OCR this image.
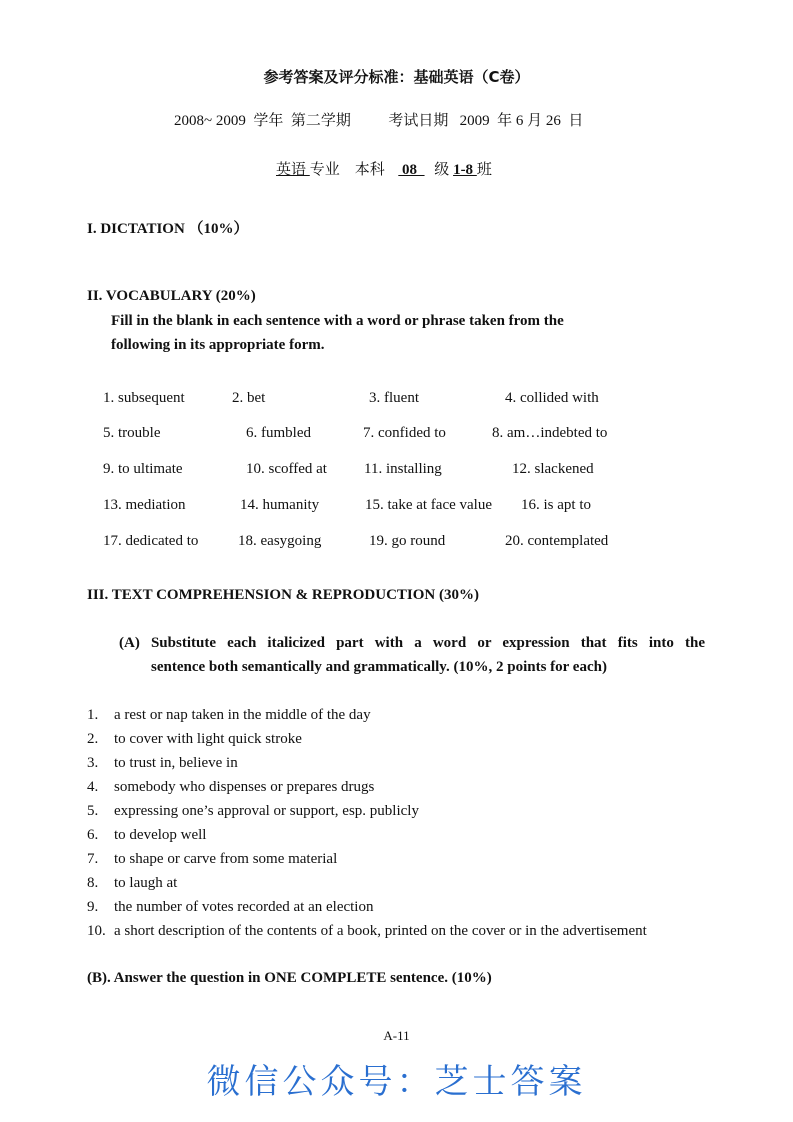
参考答案及评分标准：基础英语（C卷）
2008~ 2009  学年  第二学期	考试日期 2009  年 6 月 26  日
英语 专业 本科   08   级 1-8 班
I. DICTATION （10%）
II. VOCABULARY (20%)
Fill in the blank in each sentence with a word or phrase taken from the
following in its appropriate form.
1. subsequent	2. bet	3. fluent	4. collided with
5. trouble	6. fumbled	7. confided to	8. am…indebted to
9. to ultimate	10. scoffed at 11. installing	12. slackened
13. mediation	14. humanity	15. take at face value 16. is apt to
17. dedicated to	18. easygoing	19. go round	20. contemplated
III. TEXT COMPREHENSION & REPRODUCTION (30%)
(A) Substitute each italicized part with a word or expression that fits into the
sentence both semantically and grammatically. (10%, 2 points for each)
1. a rest or nap taken in the middle of the day
2. to cover with light quick stroke
3. to trust in, believe in
4. somebody who dispenses or prepares drugs
5. expressing one’s approval or support, esp. publicly
6. to develop well
7. to shape or carve from some material
8. to laugh at
9. the number of votes recorded at an election
10. a short description of the contents of a book, printed on the cover or in the advertisement
(B). Answer the question in ONE COMPLETE sentence. (10%)
A-11
微信公众号：芝士答案
